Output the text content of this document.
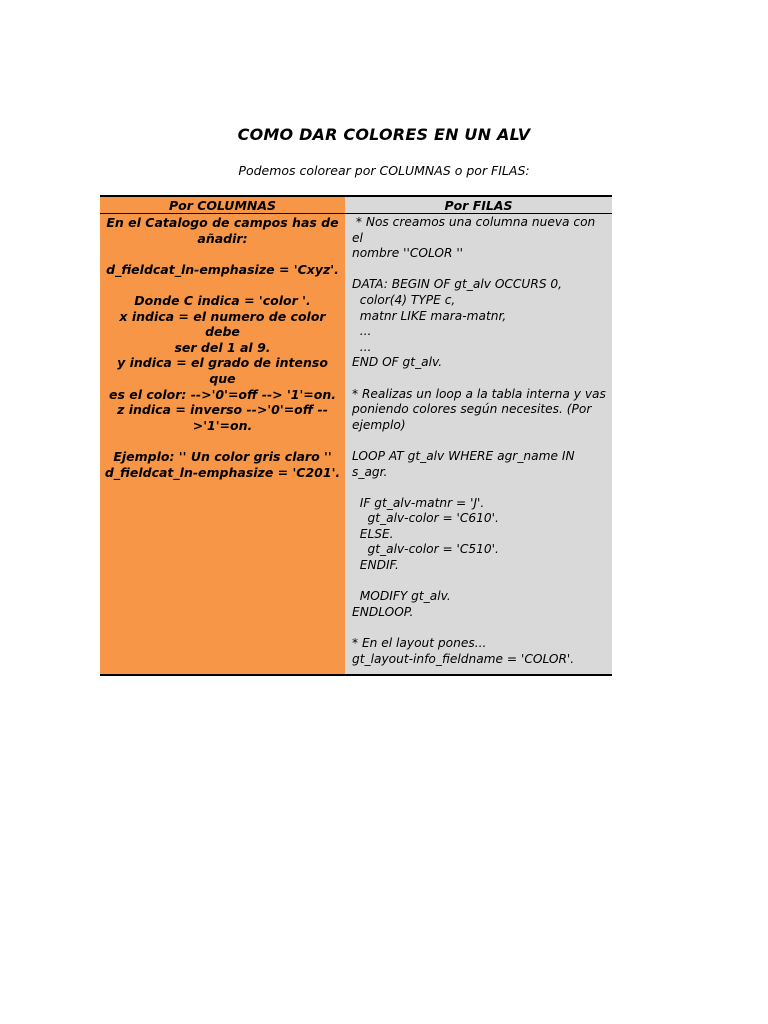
COMO DAR COLORES EN UN ALV
Podemos colorear por COLUMNAS o por FILAS:
Por COLUMNAS	Por FILAS
En el Catalogo de campos has de
añadir:
d_fieldcat_ln-emphasize = 'Cxyz'.
Donde C indica = 'color '.
x indica = el numero de color debe
ser del 1 al 9.
y indica = el grado de intenso que
es el color: -->'0'=off --> '1'=on.
z indica = inverso -->'0'=off --
>'1'=on.
Ejemplo: '' Un color gris claro ''
d_fieldcat_ln-emphasize = 'C201'.
* Nos creamos una columna nueva con el
nombre ''COLOR ''
DATA: BEGIN OF gt_alv OCCURS 0,
color(4) TYPE c,
matnr LIKE mara-matnr,
...
...
END OF gt_alv.
* Realizas un loop a la tabla interna y vas
poniendo colores según necesites. (Por
ejemplo)
LOOP AT gt_alv WHERE agr_name IN
s_agr.
IF gt_alv-matnr = 'J'.
gt_alv-color = 'C610'.
ELSE.
gt_alv-color = 'C510'.
ENDIF.
MODIFY gt_alv.
ENDLOOP.
* En el layout pones...
gt_layout-info_fieldname = 'COLOR'.
